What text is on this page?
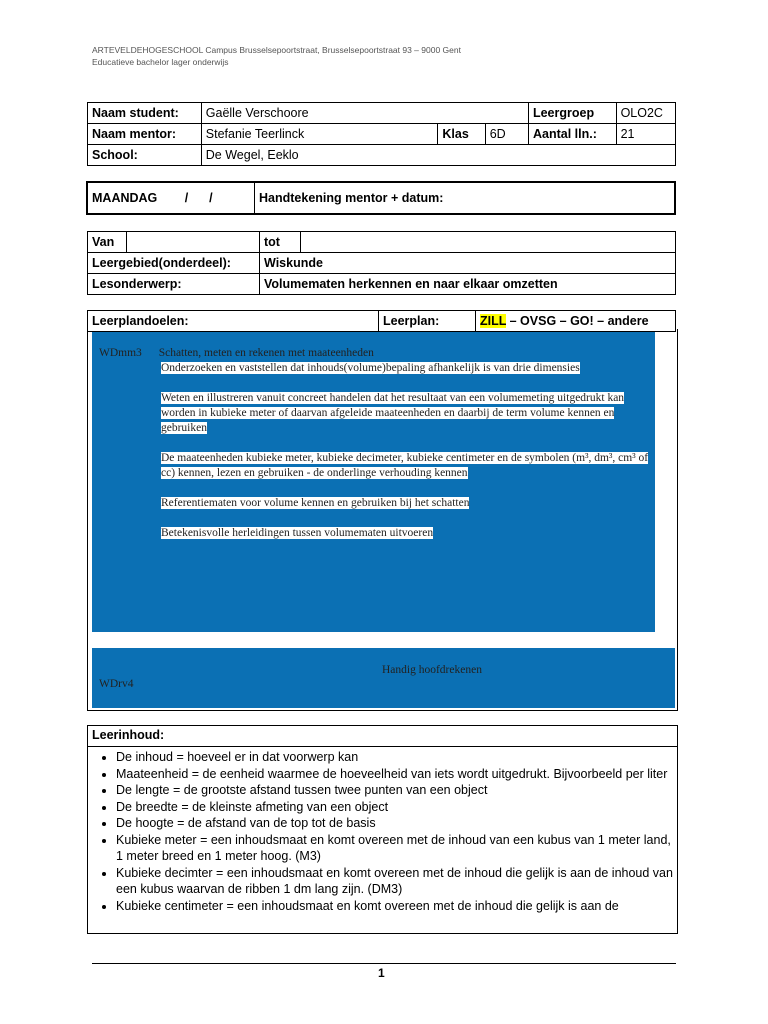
ARTEVELDEHOGESCHOOL Campus Brusselsepoortstraat, Brusselsepoortstraat 93 – 9000 Gent
Educatieve bachelor lager onderwijs
Naam student:	Gaëlle Verschoore			Leergroep	OLO2C
Naam mentor:	Stefanie Teerlinck	Klas	6D	Aantal lln.:	21
School:	De Wegel, Eeklo				
MAANDAG /      /	Handtekening mentor + datum:
Van		tot	
Leergebied(onderdeel):		Wiskunde	
Lesonderwerp:		Volumematen herkennen en naar elkaar omzetten	
Leerplandoelen:	Leerplan:	ZILL – OVSG – GO! – andere
WDmm3 Schatten, meten en rekenen met maateenheden

Onderzoeken en vaststellen dat inhouds(volume)bepaling afhankelijk is van drie dimensies

Weten en illustreren vanuit concreet handelen dat het resultaat van een volumemeting uitgedrukt kan worden in kubieke meter of daarvan afgeleide maateenheden en daarbij de term volume kennen en gebruiken

De maateenheden kubieke meter, kubieke decimeter, kubieke centimeter en de symbolen (m³, dm³, cm³ of cc) kennen, lezen en gebruiken - de onderlinge verhouding kennen

Referentiematen voor volume kennen en gebruiken bij het schatten

Betekenisvolle herleidingen tussen volumematen uitvoeren

Handig hoofdrekenen
WDrv4
Leerinhoud:
• De inhoud = hoeveel er in dat voorwerp kan
• Maateenheid = de eenheid waarmee de hoeveelheid van iets wordt uitgedrukt. Bijvoorbeeld per liter
• De lengte = de grootste afstand tussen twee punten van een object
• De breedte = de kleinste afmeting van een object
• De hoogte = de afstand van de top tot de basis
• Kubieke meter = een inhoudsmaat en komt overeen met de inhoud van een kubus van 1 meter land, 1 meter breed en 1 meter hoog. (M3)
• Kubieke decimter = een inhoudsmaat en komt overeen met de inhoud die gelijk is aan de inhoud van een kubus waarvan de ribben 1 dm lang zijn. (DM3)
• Kubieke centimeter = een inhoudsmaat en komt overeen met de inhoud die gelijk is aan de
1
